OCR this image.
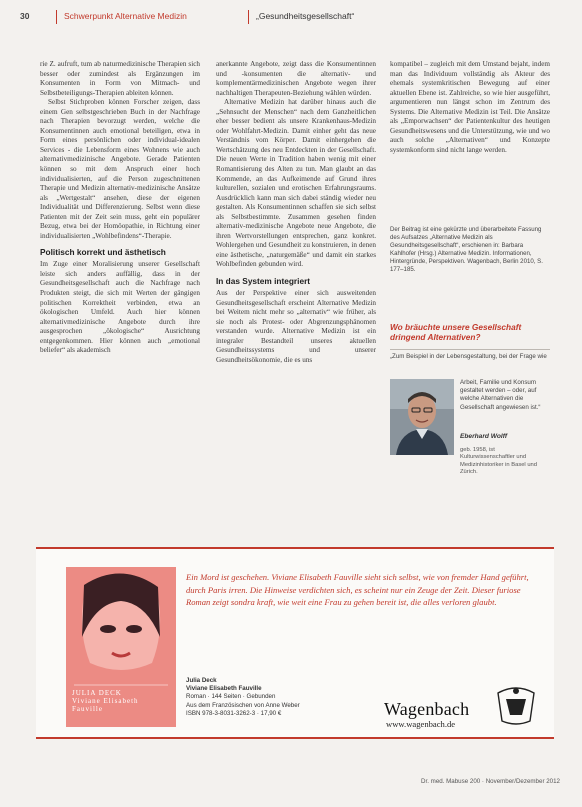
30	Schwerpunkt Alternative Medizin	„Gesundheitsgesellschaft“

rie Z. aufruft, tum ab naturmedizinische Therapien sich besser oder zumindest als Ergänzungen im Konsumenten in Form von Mitmach- und Selbstbeteiligungs-Therapien ableiten können.

Selbst Stichproben können Forscher zeigen, dass einem Gen selbstgeschrieben Buch in der Nachfrage nach Therapien bevorzugt werden, welche die Konsumentinnen auch emotional beteiligen, etwa in Form eines persönlichen oder individual-idealen Services - die Lebensform eines Wohnens wie auch alternativmedizinische Angebote. Gerade Patienten können so mit dem Anspruch einer hoch individualisierten, auf die Person zugeschnittenen Therapie und Medizin alternativ-medizinische Ansätze als „Wertgestalt“ ansehen, diese der eigenen Individualität und Differenzierung. Selbst wenn diese Patienten mit der Zeit sein muss, geht ein populärer Bezug, etwa bei der Homöopathie, in Richtung einer individualisierten „Wohlbefindens“-Therapie.

Politisch korrekt und ästhetisch

Im Zuge einer Moralisierung unserer Gesellschaft leiste sich anders auffällig, dass in der Gesundheitsgesellschaft auch die Nachfrage nach Produkten steigt, die sich mit Werten der gängigen politischen Korrektheit verbinden, etwa an ökologischen Umfeld. Auch hier können alternativmedizinische Angebote durch ihre ausgesprochen „ökologische“ Ausrichtung entgegenkommen. Hier können auch „emotional beliefer“ als akademisch

anerkannte Angebote, zeigt dass die Konsumentinnen und -konsumenten die alternativ- und komplementärmedizinischen Angebote wegen ihrer nachhaltigen Therapeuten-Beziehung wählen würden.

Alternative Medizin hat darüber hinaus auch die „Sehnsucht der Menschen“ nach dem Ganzheitlichen eher besser bedient als unsere Krankenhaus-Medizin oder Wohlfahrt-Medizin. Damit einher geht das neue Verständnis vom Körper. Damit einhergehen die Wertschätzung des neu Entdeckten in der Gesellschaft. Die neuen Werte in Tradition haben wenig mit einer Romantisierung des Alten zu tun. Man glaubt an das Kommende, an das Aufkeimende auf Grund ihres kulturellen, sozialen und erotischen Erfahrungsraums. Ausdrücklich kann man sich dabei ständig wieder neu gestalten. Als Konsumentinnen schaffen sie sich selbst als Selbstbestimmte. Zusammen gesehen finden alternativ-medizinische Angebote neue Angebote, die ihren Wertvorstellungen entsprechen, ganz konkret. Wohlergehen und Gesundheit zu konstruieren, in denen eine ästhetische, „naturgemäße“ und damit ein starkes Wohlbefinden gebunden wird.

In das System integriert

Aus der Perspektive einer sich ausweitenden Gesundheitsgesellschaft erscheint Alternative Medizin bei Weitem nicht mehr so „alternativ“ wie früher, als sie noch als Protest- oder Abgrenzungsphänomen verstanden wurde. Alternative Medizin ist ein integraler Bestandteil unseres aktuellen Gesundheitssystems und unserer Gesundheitsökonomie, die es uns

kompatibel – zugleich mit dem Umstand bejaht, indem man das Individuum vollständig als Akteur des ehemals systemkritischen Bewegung auf einer aktuellen Ebene ist. Zahlreiche, so wie hier ausgeführt, argumentieren nun längst schon im Zentrum des Systems. Die Alternative Medizin ist Teil. Die Ansätze als „Emporwachsen“ der Patientenkultur des heutigen Gesundheitswesens und die Unterstützung, wie und wo auch solche „Alternativen“ und Konzepte systemkonform sind nicht lange werden.

Der Beitrag ist eine gekürzte und überarbeitete Fassung des Aufsatzes „Alternative Medizin als Gesundheitsgesellschaft“, erschienen in: Barbara Kahlhofer (Hrsg.) Alternative Medizin. Informationen, Hintergründe, Perspektiven. Wagenbach, Berlin 2010, S. 177–185.
Wo bräuchte unsere Gesellschaft dringend Alternativen?
„Zum Beispiel in der Lebensgestaltung, bei der Frage wie
Arbeit, Familie und Konsum gestaltet werden – oder, auf welche Alternativen die Gesellschaft angewiesen ist.“
Eberhard Wolff
geb. 1958, ist Kulturwissenschaftler und Medizinhistoriker in Basel und Zürich.
JULIA DECK
Viviane Elisabeth Fauville
Ein Mord ist geschehen. Viviane Elisabeth Fauville sieht sich selbst, wie von fremder Hand geführt, durch Paris irren. Die Hinweise verdichten sich, es scheint nur ein Zeuge der Zeit. Dieser furiose Roman zeigt sondra kraft, wie weit eine Frau zu gehen bereit ist, die alles verloren glaubt.
Julia Deck
Viviane Elisabeth Fauville
Roman · 144 Seiten · Gebunden
Aus dem Französischen von Anne Weber
ISBN 978-3-8031-3262-3 · 17,90 €	Wagenbach
www.wagenbach.de
Dr. med. Mabuse 200 · November/Dezember 2012
